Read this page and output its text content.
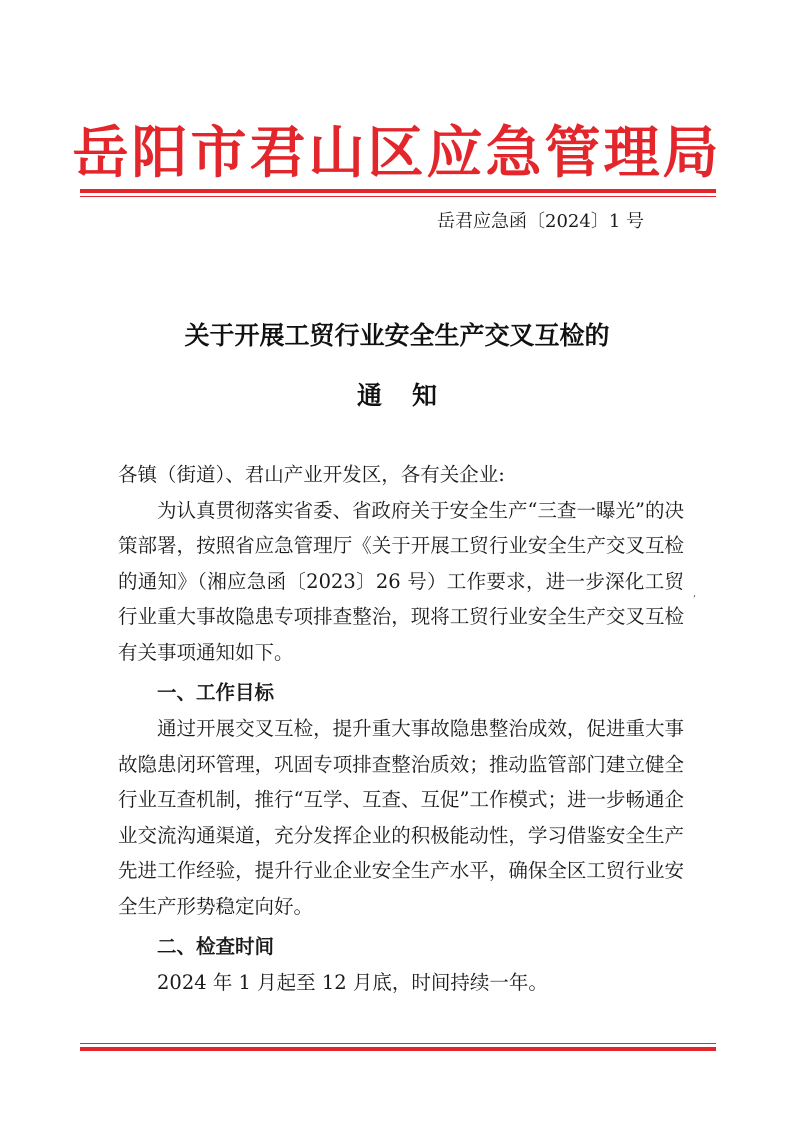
岳阳市君山区应急管理局
岳君应急函〔2024〕1 号
关于开展工贸行业安全生产交叉互检的
通知

各镇（街道）、君山产业开发区，各有关企业:

为认真贯彻落实省委、省政府关于安全生产“三查一曝光”的决策部署，按照省应急管理厅《关于开展工贸行业安全生产交叉互检的通知》（湘应急函〔2023〕26 号）工作要求，进一步深化工贸行业重大事故隐患专项排查整治，现将工贸行业安全生产交叉互检有关事项通知如下。

一、工作目标

通过开展交叉互检，提升重大事故隐患整治成效，促进重大事故隐患闭环管理，巩固专项排查整治质效；推动监管部门建立健全行业互查机制，推行“互学、互查、互促”工作模式；进一步畅通企业交流沟通渠道，充分发挥企业的积极能动性，学习借鉴安全生产先进工作经验，提升行业企业安全生产水平，确保全区工贸行业安全生产形势稳定向好。

二、检查时间

2024 年 1 月起至 12 月底，时间持续一年。

,
